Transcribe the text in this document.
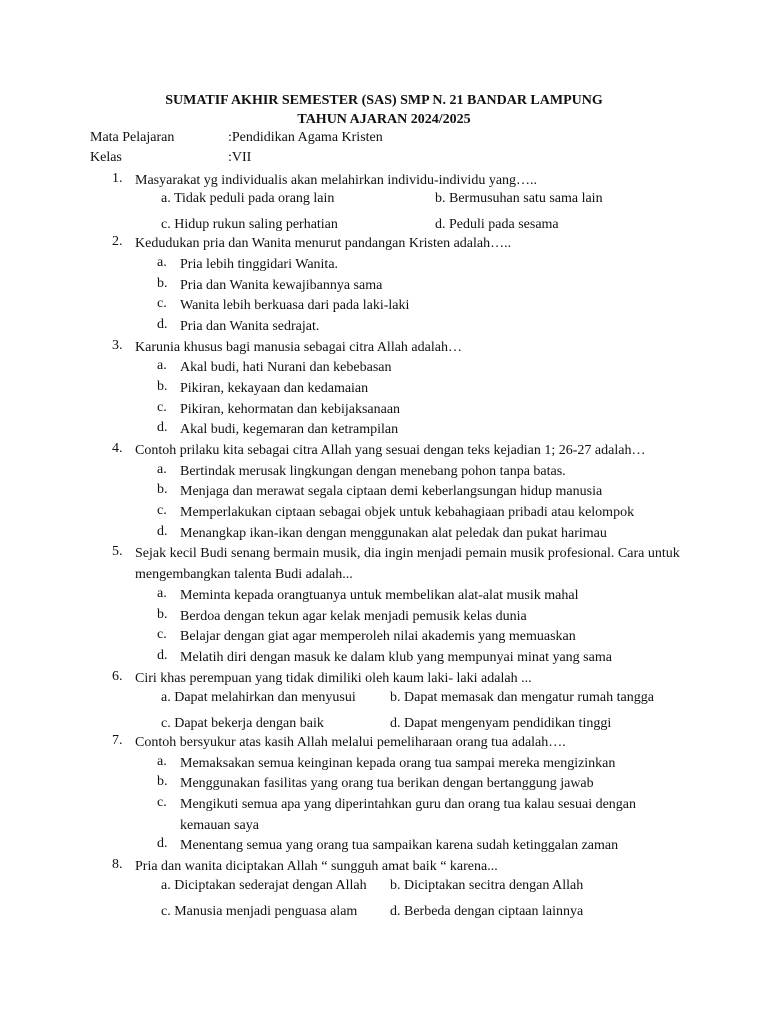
SUMATIF AKHIR SEMESTER (SAS) SMP N. 21 BANDAR LAMPUNG
TAHUN AJARAN 2024/2025
Mata Pelajaran	:Pendidikan Agama Kristen
Kelas	:VII
1. Masyarakat yg individualis akan melahirkan individu-individu yang…..
a. Tidak peduli pada orang lain	b. Bermusuhan satu sama lain
c. Hidup rukun saling perhatian	d. Peduli pada sesama
2. Kedudukan pria dan Wanita menurut pandangan Kristen adalah…..
a. Pria lebih tinggidari Wanita.
b. Pria dan Wanita kewajibannya sama
c. Wanita lebih berkuasa dari pada laki-laki
d. Pria dan Wanita sedrajat.
3. Karunia khusus bagi manusia sebagai citra Allah adalah…
a. Akal budi, hati Nurani dan kebebasan
b. Pikiran, kekayaan dan kedamaian
c. Pikiran, kehormatan dan kebijaksanaan
d. Akal budi, kegemaran dan ketrampilan
4. Contoh prilaku kita sebagai citra Allah yang sesuai dengan teks kejadian 1; 26-27 adalah…
a. Bertindak merusak lingkungan dengan menebang pohon tanpa batas.
b. Menjaga dan merawat segala ciptaan demi keberlangsungan hidup manusia
c. Memperlakukan ciptaan sebagai objek untuk kebahagiaan pribadi atau kelompok
d. Menangkap ikan-ikan dengan menggunakan alat peledak dan pukat harimau
5. Sejak kecil Budi senang bermain musik, dia ingin menjadi pemain musik profesional. Cara untuk mengembangkan talenta Budi adalah...
a. Meminta kepada orangtuanya untuk membelikan alat-alat musik mahal
b. Berdoa dengan tekun agar kelak menjadi pemusik kelas dunia
c. Belajar dengan giat agar memperoleh nilai akademis yang memuaskan
d. Melatih diri dengan masuk ke dalam klub yang mempunyai minat yang sama
6. Ciri khas perempuan yang tidak dimiliki oleh kaum laki- laki adalah ...
a. Dapat melahirkan dan menyusui b. Dapat memasak dan mengatur rumah tangga
c. Dapat bekerja dengan baik	d. Dapat mengenyam pendidikan tinggi
7. Contoh bersyukur atas kasih Allah melalui pemeliharaan orang tua adalah….
a. Memaksakan semua keinginan kepada orang tua sampai mereka mengizinkan
b. Menggunakan fasilitas yang orang tua berikan dengan bertanggung jawab
c. Mengikuti semua apa yang diperintahkan guru dan orang tua kalau sesuai dengan kemauan saya
d. Menentang semua yang orang tua sampaikan karena sudah ketinggalan zaman
8. Pria dan wanita diciptakan Allah “ sungguh amat baik “ karena...
a. Diciptakan sederajat dengan Allah b. Diciptakan secitra dengan Allah
c. Manusia menjadi penguasa alam d. Berbeda dengan ciptaan lainnya
